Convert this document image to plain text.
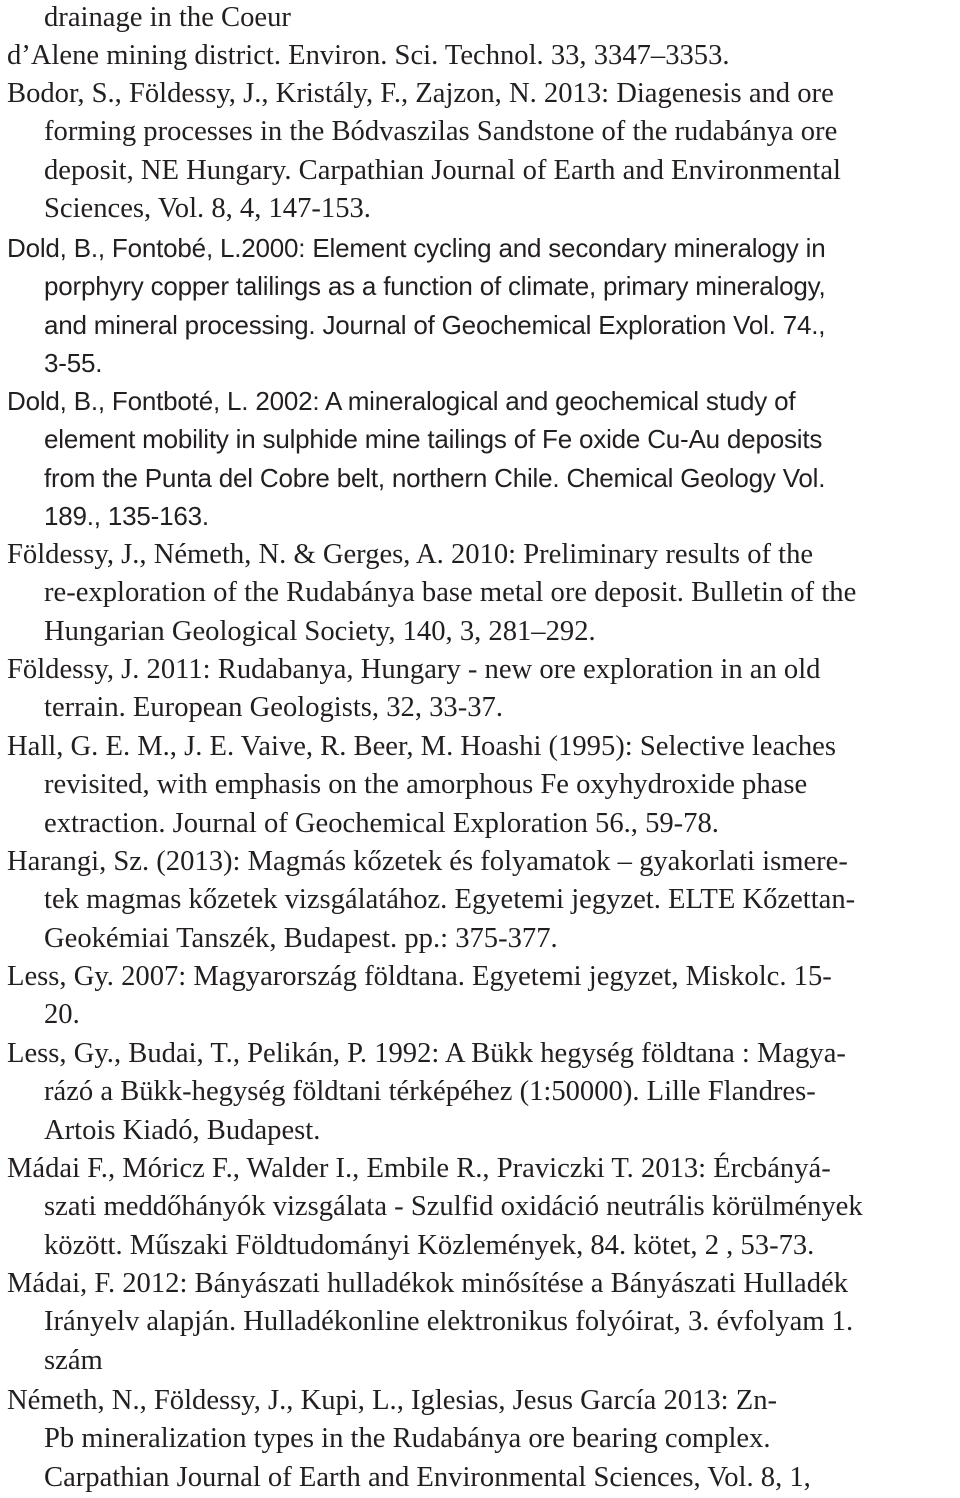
drainage in the Coeur
d’Alene mining district. Environ. Sci. Technol. 33, 3347–3353.
Bodor, S., Földessy, J., Kristály, F., Zajzon, N. 2013: Diagenesis and ore
forming processes in the Bódvaszilas Sandstone of the rudabánya ore
deposit, NE Hungary. Carpathian Journal of Earth and Environmental
Sciences, Vol. 8, 4, 147-153.
Dold, B., Fontobé, L.2000: Element cycling and secondary mineralogy in
porphyry copper talilings as a function of climate, primary mineralogy,
and mineral processing. Journal of Geochemical Exploration Vol. 74.,
3-55.
Dold, B., Fontboté, L. 2002: A mineralogical and geochemical study of
element mobility in sulphide mine tailings of Fe oxide Cu-Au deposits
from the Punta del Cobre belt, northern Chile. Chemical Geology Vol.
189., 135-163.
Földessy, J., Németh, N. & Gerges, A. 2010: Preliminary results of the
re-exploration of the Rudabánya base metal ore deposit. Bulletin of the
Hungarian Geological Society, 140, 3, 281–292.
Földessy, J. 2011: Rudabanya, Hungary - new ore exploration in an old
terrain. European Geologists, 32, 33-37.
Hall, G. E. M., J. E. Vaive, R. Beer, M. Hoashi (1995): Selective leaches
revisited, with emphasis on the amorphous Fe oxyhydroxide phase
extraction. Journal of Geochemical Exploration 56., 59-78.
Harangi, Sz. (2013): Magmás kőzetek és folyamatok – gyakorlati ismere-
tek magmas kőzetek vizsgálatához. Egyetemi jegyzet. ELTE Kőzettan-
Geokémiai Tanszék, Budapest. pp.: 375-377.
Less, Gy. 2007: Magyarország földtana. Egyetemi jegyzet, Miskolc. 15-
20.
Less, Gy., Budai, T., Pelikán, P. 1992: A Bükk hegység földtana : Magya-
rázó a Bükk-hegység földtani térképéhez (1:50000). Lille Flandres-
Artois Kiadó, Budapest.
Mádai F., Móricz F., Walder I., Embile R., Praviczki T. 2013: Ércbányá-
szati meddőhányók vizsgálata - Szulfid oxidáció neutrális körülmények
között. Műszaki Földtudományi Közlemények, 84. kötet, 2 , 53-73.
Mádai, F. 2012: Bányászati hulladékok minősítése a Bányászati Hulladék
Irányelv alapján. Hulladékonline elektronikus folyóirat, 3. évfolyam 1.
szám
Németh, N., Földessy, J., Kupi, L., Iglesias, Jesus García 2013: Zn-
Pb mineralization types in the Rudabánya ore bearing complex.
Carpathian Journal of Earth and Environmental Sciences, Vol. 8, 1,
